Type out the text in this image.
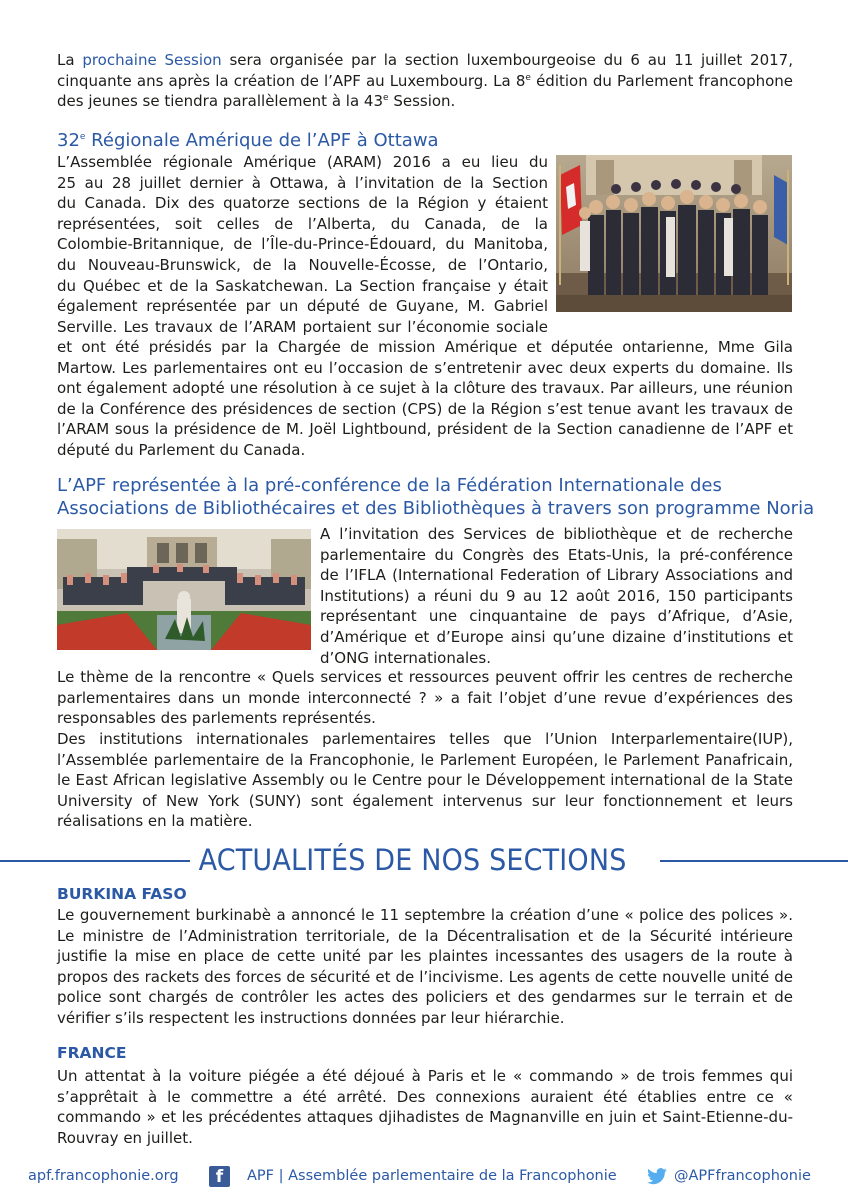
La prochaine Session sera organisée par la section luxembourgeoise du 6 au 11 juillet 2017, cinquante ans après la création de l’APF au Luxembourg. La 8e édition du Parlement francophone des jeunes se tiendra parallèlement à la 43e Session.

32e Régionale Amérique de l’APF à Ottawa
L’Assemblée régionale Amérique (ARAM) 2016 a eu lieu du
25 au 28 juillet dernier à Ottawa, à l’invitation de la Section
du Canada. Dix des quatorze sections de la Région y étaient
représentées, soit celles de l’Alberta, du Canada, de la
Colombie-Britannique, de l’Île-du-Prince-Édouard, du Manitoba,
du Nouveau-Brunswick, de la Nouvelle-Écosse, de l’Ontario,
du Québec et de la Saskatchewan. La Section française y était
également représentée par un député de Guyane, M. Gabriel
Serville. Les travaux de l’ARAM portaient sur l’économie sociale

et ont été présidés par la Chargée de mission Amérique et députée ontarienne, Mme Gila Martow. Les parlementaires ont eu l’occasion de s’entretenir avec deux experts du domaine. Ils ont également adopté une résolution à ce sujet à la clôture des travaux. Par ailleurs, une réunion de la Conférence des présidences de section (CPS) de la Région s’est tenue avant les travaux de l’ARAM sous la présidence de M. Joël Lightbound, président de la Section canadienne de l’APF et député du Parlement du Canada.

L’APF représentée à la pré-conférence de la Fédération Internationale des
Associations de Bibliothécaires et des Bibliothèques à travers son programme Noria
A l’invitation des Services de bibliothèque et de recherche
parlementaire du Congrès des Etats-Unis, la pré-conférence
de l’IFLA (International Federation of Library Associations and
Institutions) a réuni du 9 au 12 août 2016, 150 participants
représentant une cinquantaine de pays d’Afrique, d’Asie,
d’Amérique et d’Europe ainsi qu’une dizaine d’institutions et
d’ONG internationales.

Le thème de la rencontre « Quels services et ressources peuvent offrir les centres de recherche parlementaires dans un monde interconnecté ? » a fait l’objet d’une revue d’expériences des responsables des parlements représentés.

Des institutions internationales parlementaires telles que l’Union Interparlementaire(IUP), l’Assemblée parlementaire de la Francophonie, le Parlement Européen, le Parlement Panafricain, le East African legislative Assembly ou le Centre pour le Développement international de la State University of New York (SUNY) sont également intervenus sur leur fonctionnement et leurs réalisations en la matière.

ACTUALITÉS DE NOS SECTIONS
BURKINA FASO

Le gouvernement burkinabè a annoncé le 11 septembre la création d’une « police des polices ». Le ministre de l’Administration territoriale, de la Décentralisation et de la Sécurité intérieure justifie la mise en place de cette unité par les plaintes incessantes des usagers de la route à propos des rackets des forces de sécurité et de l’incivisme. Les agents de cette nouvelle unité de police sont chargés de contrôler les actes des policiers et des gendarmes sur le terrain et de vérifier s’ils respectent les instructions données par leur hiérarchie.

FRANCE

Un attentat à la voiture piégée a été déjoué à Paris et le « commando » de trois femmes qui s’apprêtait à le commettre a été arrêté. Des connexions auraient été établies entre ce « commando » et les précédentes attaques djihadistes de Magnanville en juin et Saint-Etienne-du-Rouvray en juillet.

apf.francophonie.org	f	APF | Assemblée parlementaire de la Francophonie	@APFfrancophonie
